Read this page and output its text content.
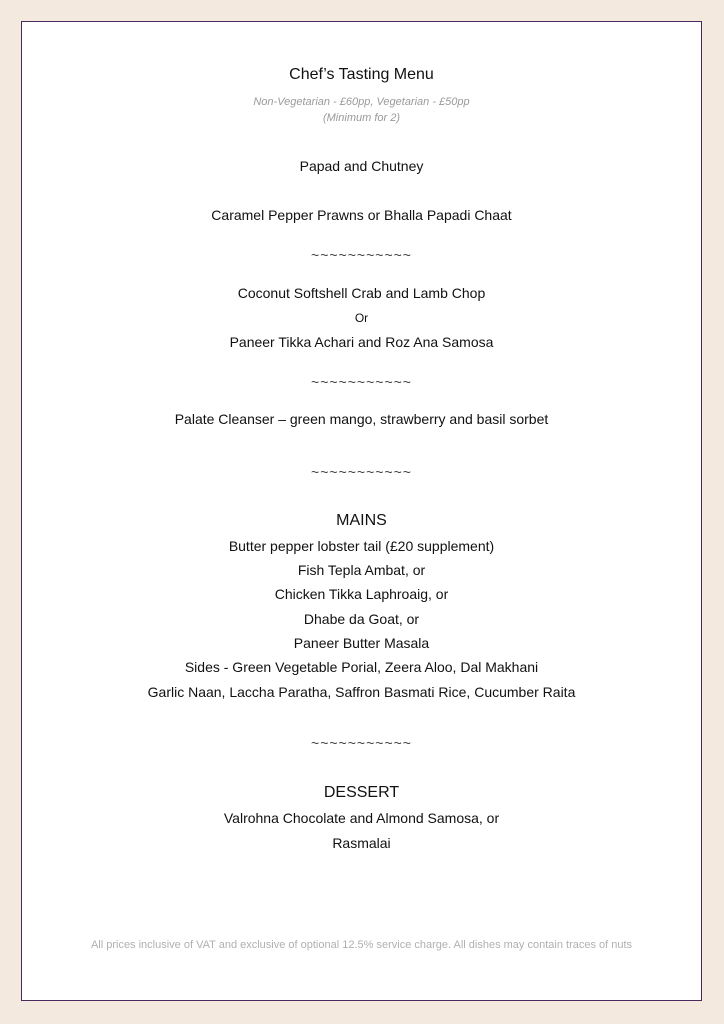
Chef’s Tasting Menu
Non-Vegetarian - £60pp, Vegetarian - £50pp
(Minimum for 2)
Papad and Chutney
Caramel Pepper Prawns or Bhalla Papadi Chaat
~~~~~~~~~~~
Coconut Softshell Crab and Lamb Chop
Or
Paneer Tikka Achari and Roz Ana Samosa
~~~~~~~~~~~
Palate Cleanser – green mango, strawberry and basil sorbet
~~~~~~~~~~~
MAINS
Butter pepper lobster tail (£20 supplement)
Fish Tepla Ambat, or
Chicken Tikka Laphroaig, or
Dhabe da Goat, or
Paneer Butter Masala
Sides - Green Vegetable Porial, Zeera Aloo, Dal Makhani
Garlic Naan, Laccha Paratha, Saffron Basmati Rice, Cucumber Raita
~~~~~~~~~~~
DESSERT
Valrohna Chocolate and Almond Samosa, or
Rasmalai
All prices inclusive of VAT and exclusive of optional 12.5% service charge. All dishes may contain traces of nuts
